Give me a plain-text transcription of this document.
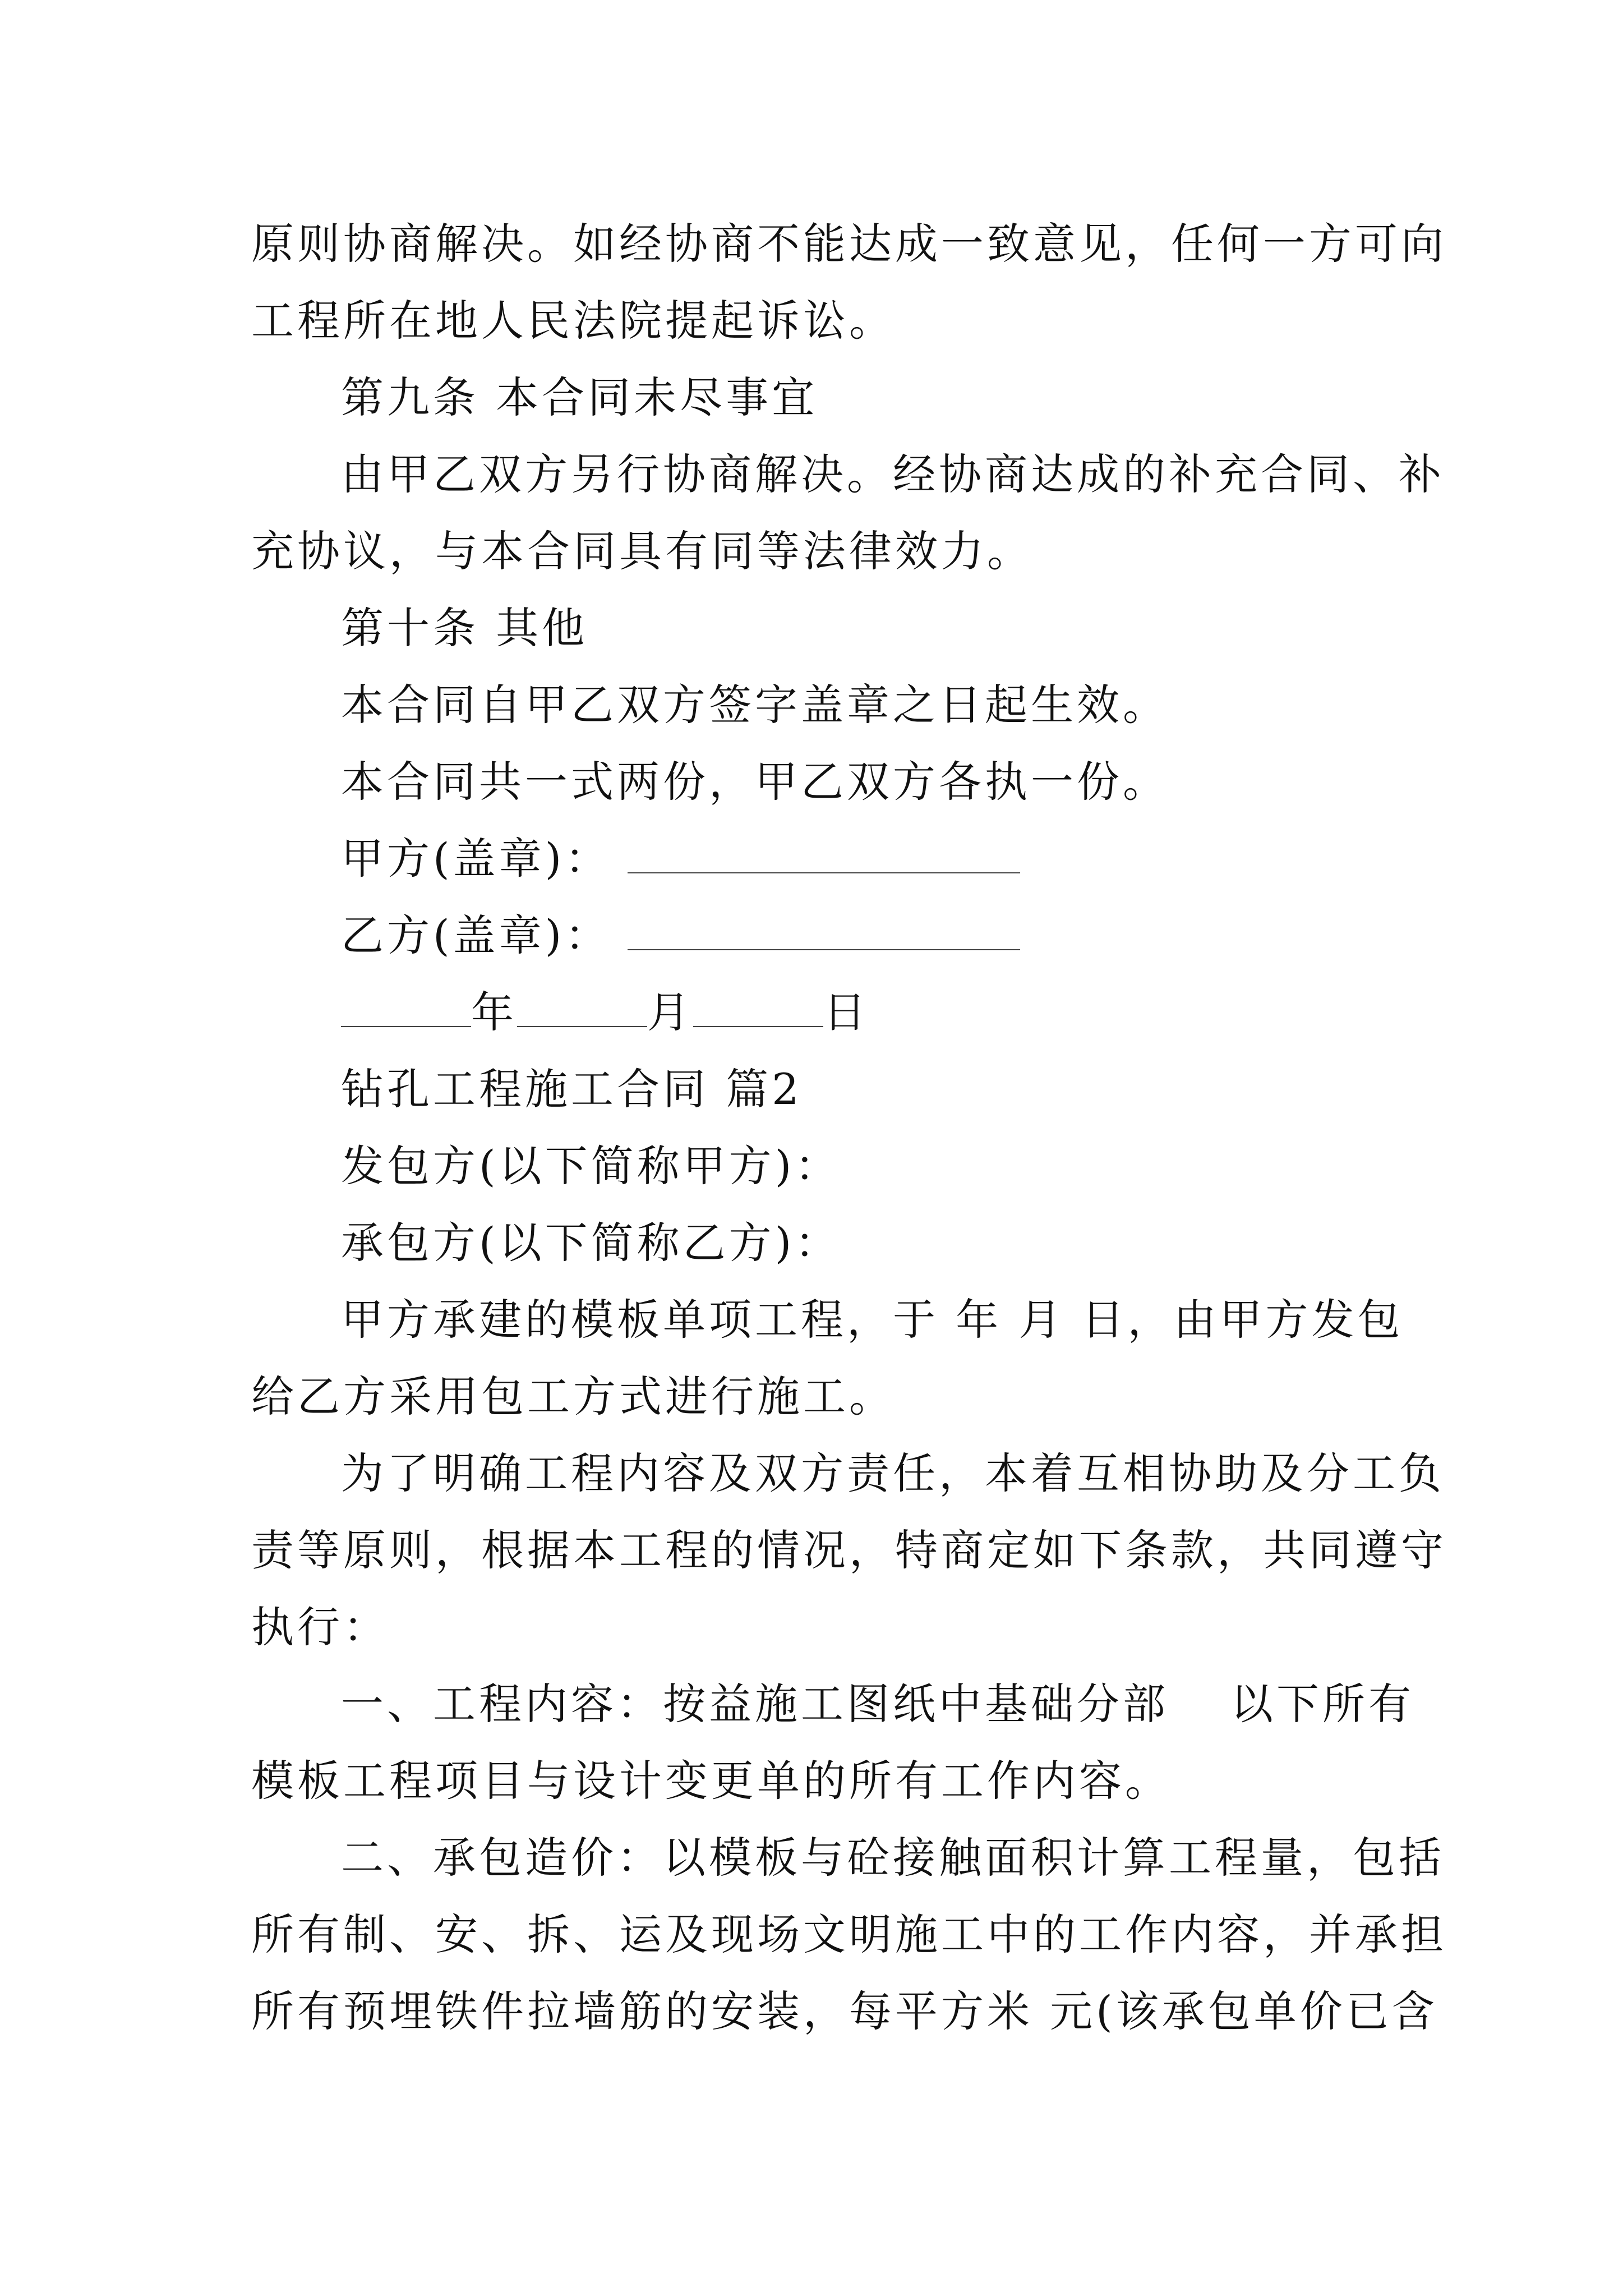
原则协商解决。如经协商不能达成一致意见，任何一方可向
工程所在地人民法院提起诉讼。
第九条 本合同未尽事宜
由甲乙双方另行协商解决。经协商达成的补充合同、补
充协议，与本合同具有同等法律效力。
第十条 其他
本合同自甲乙双方签字盖章之日起生效。
本合同共一式两份，甲乙双方各执一份。
甲方(盖章)：
乙方(盖章)：
年	月	日
钻孔工程施工合同 篇2
发包方(以下简称甲方)：
承包方(以下简称乙方)：
甲方承建的模板单项工程，于 年 月 日，由甲方发包
给乙方采用包工方式进行施工。
为了明确工程内容及双方责任，本着互相协助及分工负
责等原则，根据本工程的情况，特商定如下条款，共同遵守
执行：
一、工程内容：按益施工图纸中基础分部 以下所有
模板工程项目与设计变更单的所有工作内容。
二、承包造价：以模板与砼接触面积计算工程量，包括
所有制、安、拆、运及现场文明施工中的工作内容，并承担
所有预埋铁件拉墙筋的安装，每平方米 元(该承包单价已含
